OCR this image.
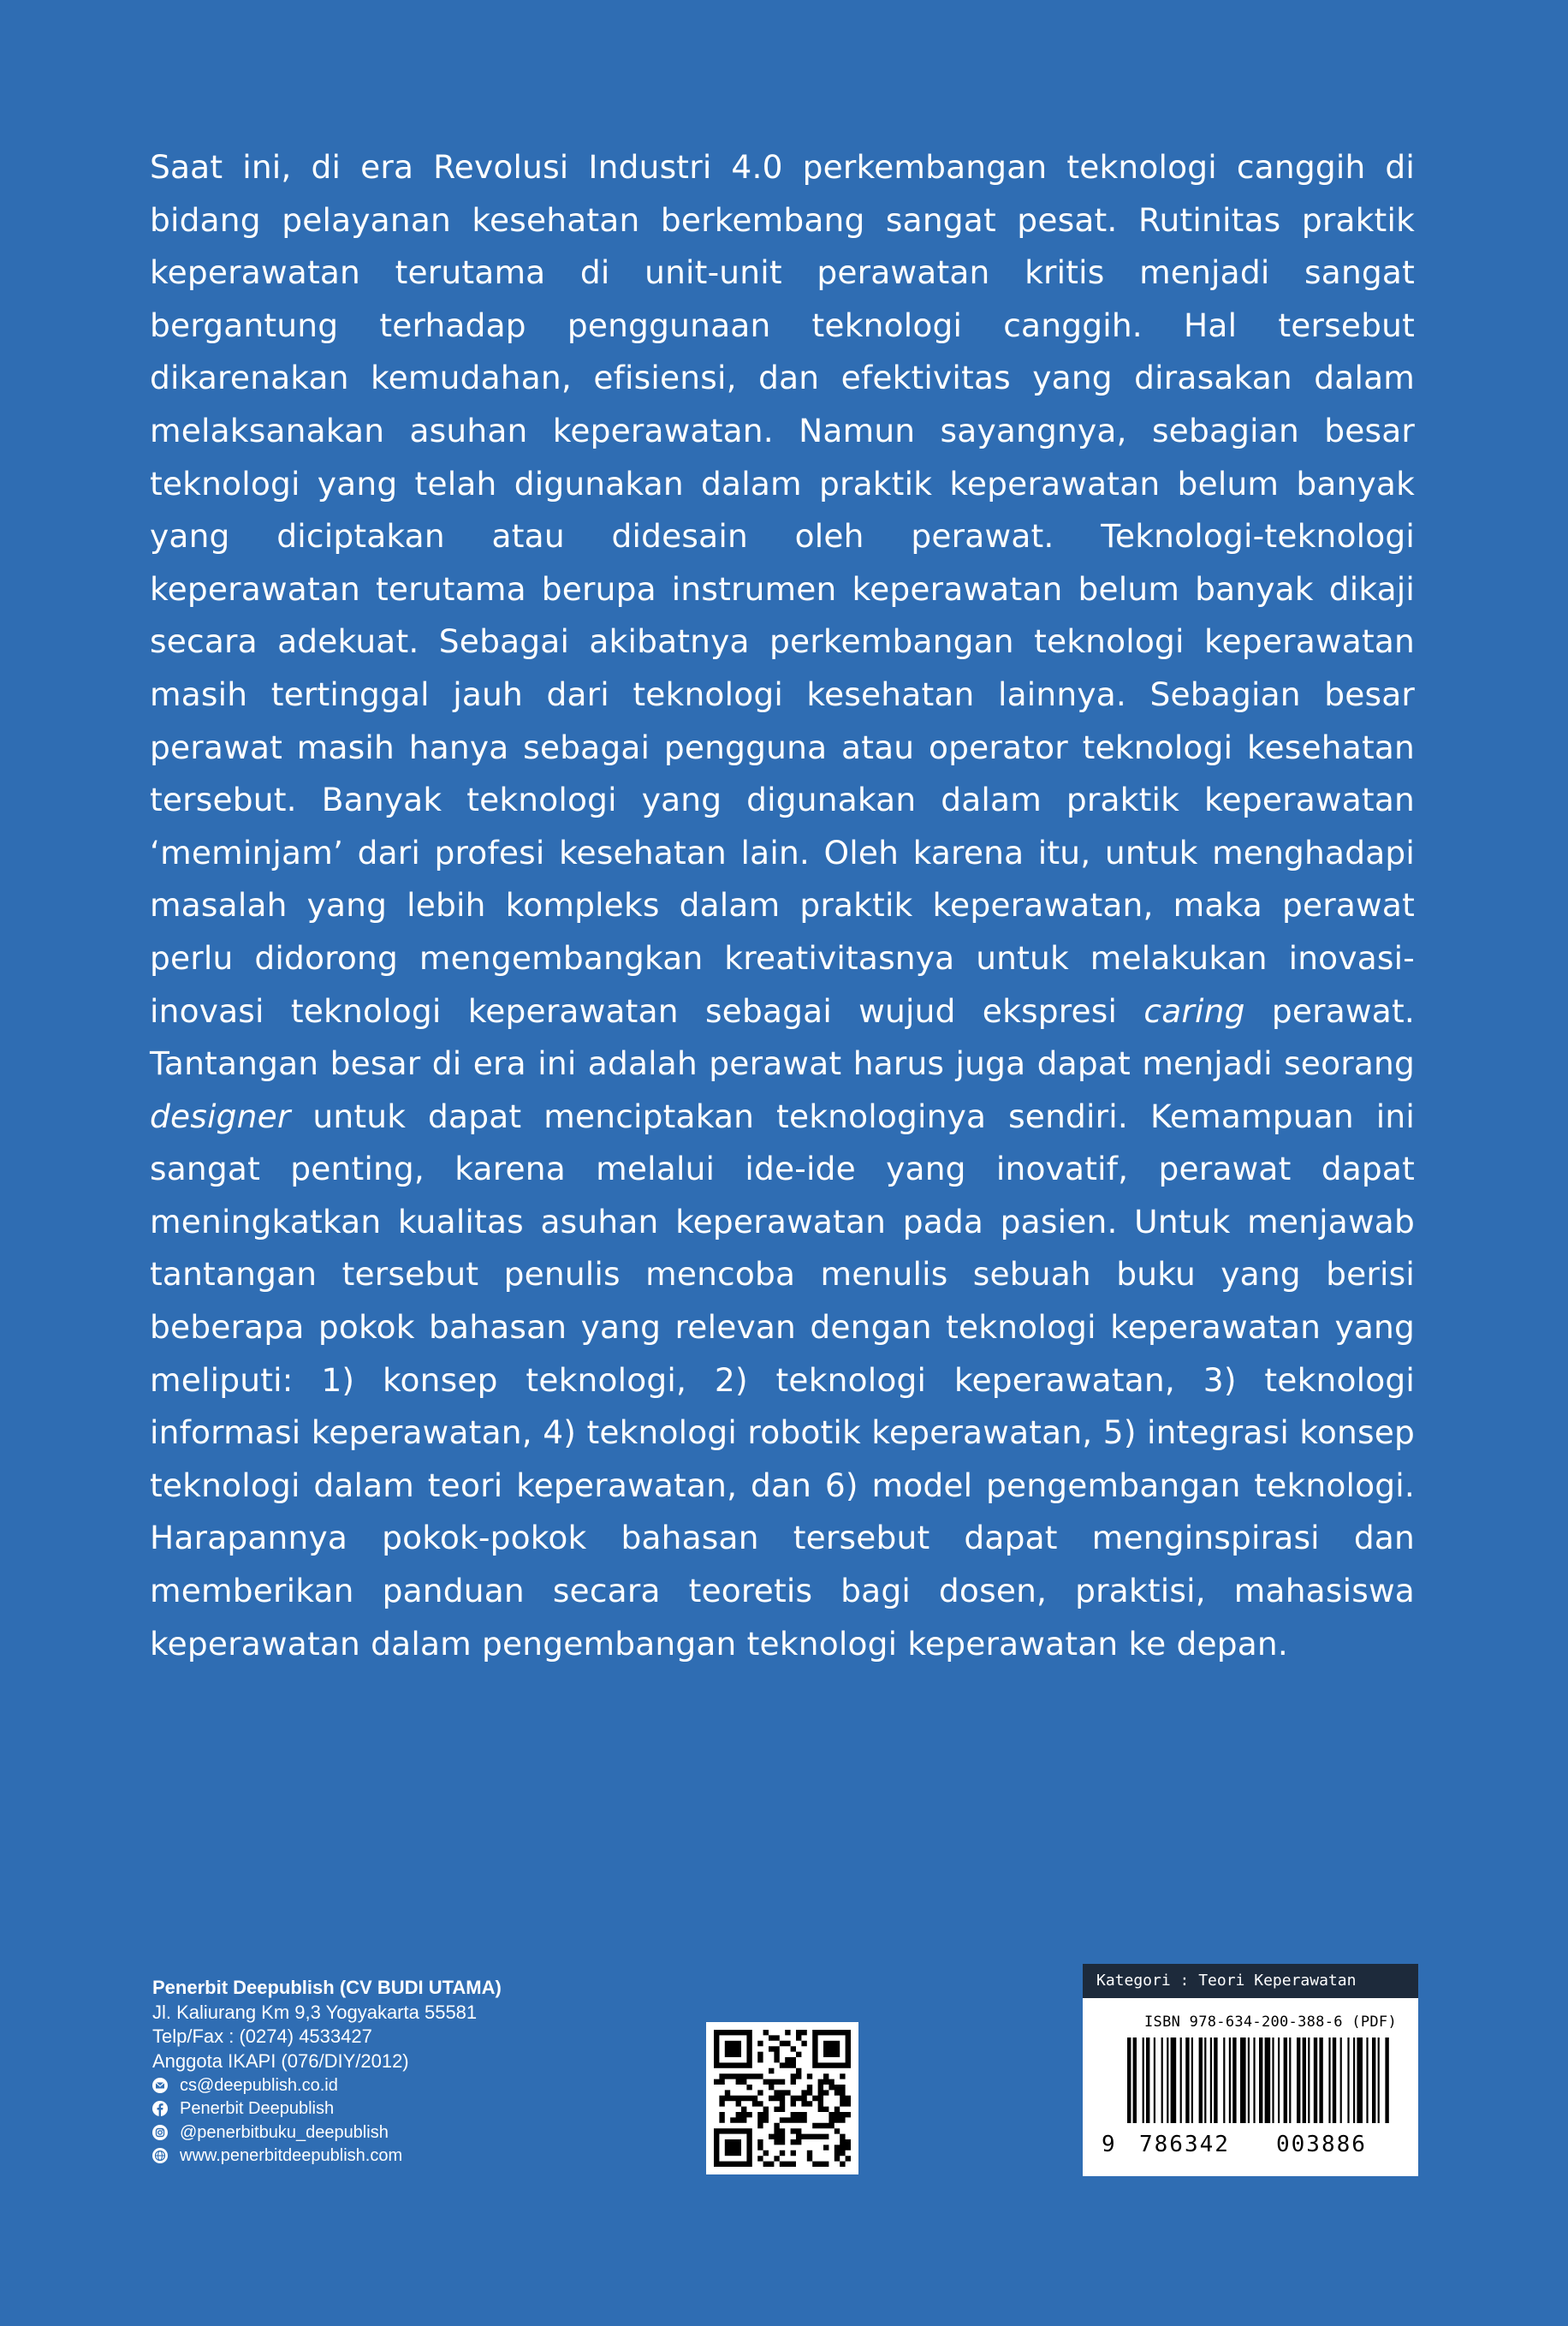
Saat ini, di era Revolusi Industri 4.0 perkembangan teknologi canggih di bidang pelayanan kesehatan berkembang sangat pesat. Rutinitas praktik keperawatan terutama di unit-unit perawatan kritis menjadi sangat bergantung terhadap penggunaan teknologi canggih. Hal tersebut dikarenakan kemudahan, efisiensi, dan efektivitas yang dirasakan dalam melaksanakan asuhan keperawatan. Namun sayangnya, sebagian besar teknologi yang telah digunakan dalam praktik keperawatan belum banyak yang diciptakan atau didesain oleh perawat. Teknologi-teknologi keperawatan terutama berupa instrumen keperawatan belum banyak dikaji secara adekuat. Sebagai akibatnya perkembangan teknologi keperawatan masih tertinggal jauh dari teknologi kesehatan lainnya. Sebagian besar perawat masih hanya sebagai pengguna atau operator teknologi kesehatan tersebut. Banyak teknologi yang digunakan dalam praktik keperawatan ‘meminjam’ dari profesi kesehatan lain. Oleh karena itu, untuk menghadapi masalah yang lebih kompleks dalam praktik keperawatan, maka perawat perlu didorong mengembangkan kreativitasnya untuk melakukan inovasi-inovasi teknologi keperawatan sebagai wujud ekspresi caring perawat. Tantangan besar di era ini adalah perawat harus juga dapat menjadi seorang designer untuk dapat menciptakan teknologinya sendiri. Kemampuan ini sangat penting, karena melalui ide-ide yang inovatif, perawat dapat meningkatkan kualitas asuhan keperawatan pada pasien. Untuk menjawab tantangan tersebut penulis mencoba menulis sebuah buku yang berisi beberapa pokok bahasan yang relevan dengan teknologi keperawatan yang meliputi: 1) konsep teknologi, 2) teknologi keperawatan, 3) teknologi informasi keperawatan, 4) teknologi robotik keperawatan, 5) integrasi konsep teknologi dalam teori keperawatan, dan 6) model pengembangan teknologi. Harapannya pokok-pokok bahasan tersebut dapat menginspirasi dan memberikan panduan secara teoretis bagi dosen, praktisi, mahasiswa keperawatan dalam pengembangan teknologi keperawatan ke depan.
Penerbit Deepublish (CV BUDI UTAMA)
Jl. Kaliurang Km 9,3 Yogyakarta 55581
Telp/Fax : (0274) 4533427
Anggota IKAPI (076/DIY/2012)
cs@deepublish.co.id
Penerbit Deepublish
@penerbitbuku_deepublish
www.penerbitdeepublish.com
Kategori : Teori Keperawatan
ISBN 978-634-200-388-6 (PDF)
9 786342 003886
